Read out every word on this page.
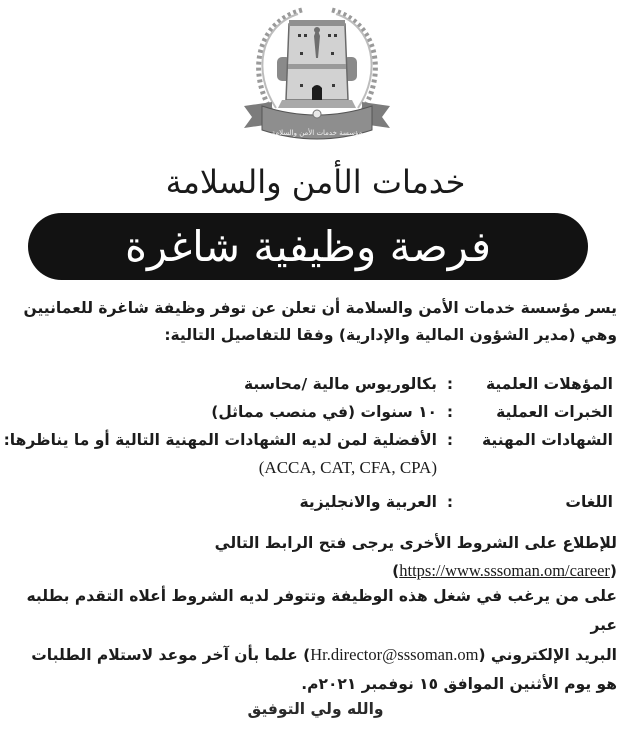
مؤسسة خدمات الأمن والسلامة
خدمات الأمن والسلامة
فرصة وظيفية شاغرة
يسر مؤسسة خدمات الأمن والسلامة أن تعلن عن توفر وظيفة شاغرة للعمانيين
وهي (مدير الشؤون المالية والإدارية) وفقا للتفاصيل التالية:
المؤهلات العلمية
:
بكالوريوس مالية /محاسبة
الخبرات العملية
:
١٠ سنوات (في منصب مماثل)
الشهادات المهنية
:
الأفضلية لمن لديه الشهادات المهنية التالية أو ما يناظرها:
(ACCA, CAT, CFA, CPA)
اللغات
:
العربية والانجليزية
للإطلاع على الشروط الأخرى يرجى فتح الرابط التالي (https://www.sssoman.om/career)
على من يرغب في شغل هذه الوظيفة وتتوفر لديه الشروط أعلاه التقدم بطلبه عبر
البريد الإلكتروني (Hr.director@sssoman.om) علما بأن آخر موعد لاستلام الطلبات
هو يوم الأثنين الموافق ١٥ نوفمبر ٢٠٢١م.
والله ولي التوفيق
